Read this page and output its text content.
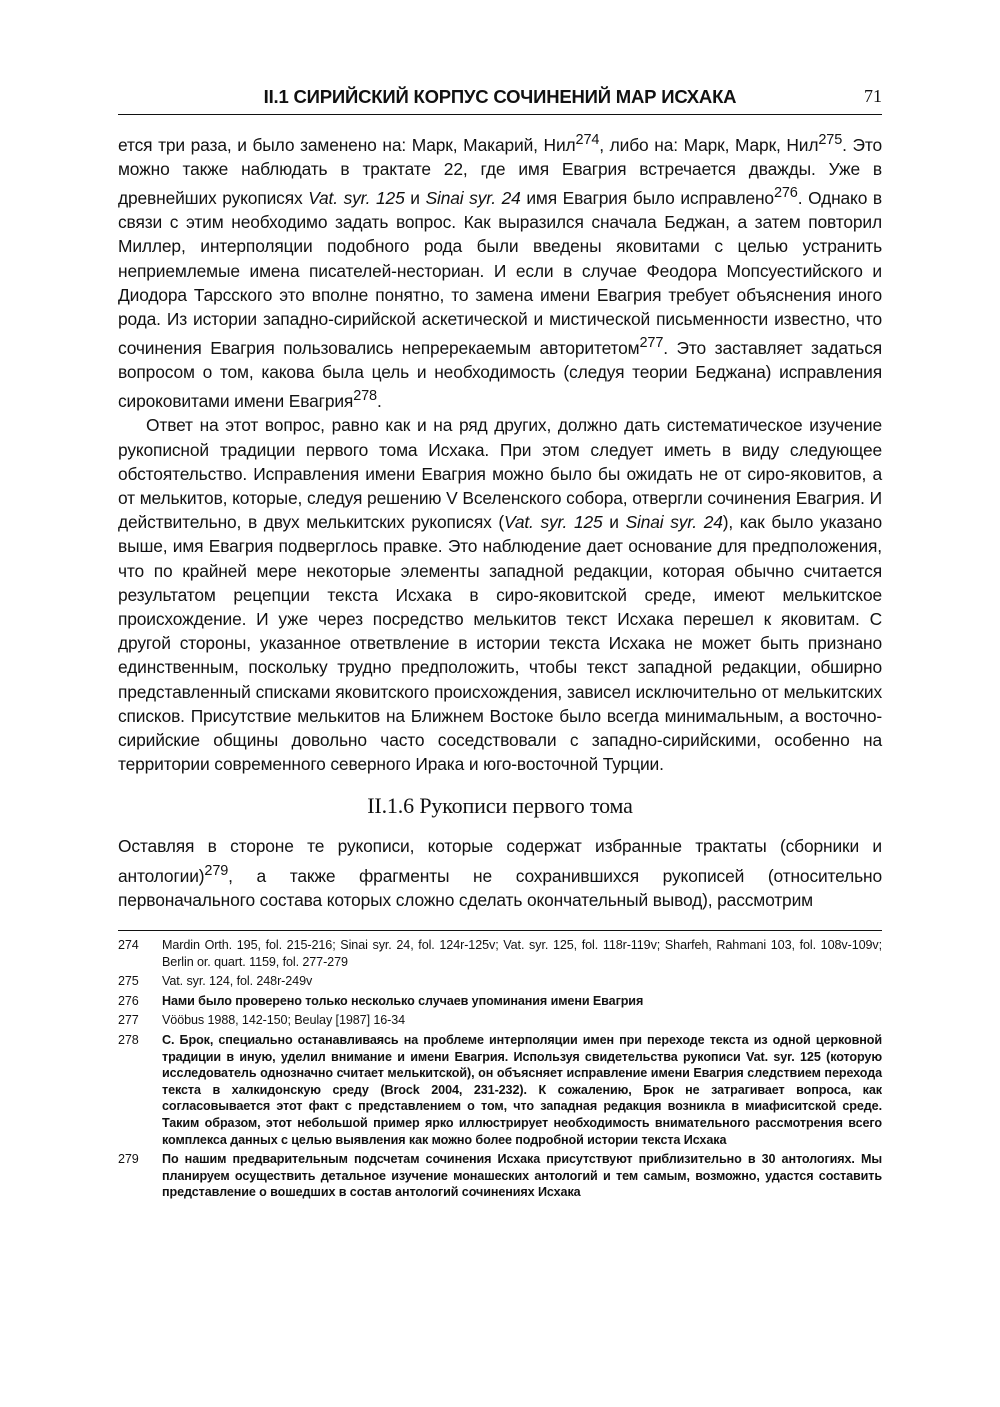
II.1 СИРИЙСКИЙ КОРПУС СОЧИНЕНИЙ МАР ИСХАКА	71

ется три раза, и было заменено на: Марк, Макарий, Нил$^{274}$, либо на: Марк, Марк, Нил$^{275}$. Это можно также наблюдать в трактате 22, где имя Евагрия встречается дважды. Уже в древнейших рукописях Vat. syr. 125 и Sinai syr. 24 имя Евагрия было исправлено$^{276}$. Однако в связи с этим необходимо задать вопрос. Как выразился сначала Беджан, а затем повторил Миллер, интерполяции подобного рода были введены яковитами с целью устранить неприемлемые имена писателей-несториан. И если в случае Феодора Мопсуестийского и Диодора Тарсского это вполне понятно, то замена имени Евагрия требует объяснения иного рода. Из истории западно-сирийской аскетической и мистической письменности известно, что сочинения Евагрия пользовались непререкаемым авторитетом$^{277}$. Это заставляет задаться вопросом о том, какова была цель и необходимость (следуя теории Беджана) исправления сироковитами имени Евагрия$^{278}$.

Ответ на этот вопрос, равно как и на ряд других, должно дать систематическое изучение рукописной традиции первого тома Исхака. При этом следует иметь в виду следующее обстоятельство. Исправления имени Евагрия можно было бы ожидать не от сиро-яковитов, а от мелькитов, которые, следуя решению V Вселенского собора, отвергли сочинения Евагрия. И действительно, в двух мелькитских рукописях (Vat. syr. 125 и Sinai syr. 24), как было указано выше, имя Евагрия подверглось правке. Это наблюдение дает основание для предположения, что по крайней мере некоторые элементы западной редакции, которая обычно считается результатом рецепции текста Исхака в сиро-яковитской среде, имеют мелькитское происхождение. И уже через посредство мелькитов текст Исхака перешел к яковитам. С другой стороны, указанное ответвление в истории текста Исхака не может быть признано единственным, поскольку трудно предположить, чтобы текст западной редакции, обширно представленный списками яковитского происхождения, зависел исключительно от мелькитских списков. Присутствие мелькитов на Ближнем Востоке было всегда минимальным, а восточно-сирийские общины довольно часто соседствовали с западно-сирийскими, особенно на территории современного северного Ирака и юго-восточной Турции.

II.1.6 Рукописи первого тома

Оставляя в стороне те рукописи, которые содержат избранные трактаты (сборники и антологии)$^{279}$, а также фрагменты не сохранившихся рукописей (относительно первоначального состава которых сложно сделать окончательный вывод), рассмотрим

274	Mardin Orth. 195, fol. 215-216; Sinai syr. 24, fol. 124r-125v; Vat. syr. 125, fol. 118r-119v; Sharfeh, Rahmani 103, fol. 108v-109v; Berlin or. quart. 1159, fol. 277-279
275	Vat. syr. 124, fol. 248r-249v
276	Нами было проверено только несколько случаев упоминания имени Евагрия
277	Vööbus 1988, 142-150; Beulay [1987] 16-34
278	С. Брок, специально останавливаясь на проблеме интерполяции имен при переходе текста из одной церковной традиции в иную, уделил внимание и имени Евагрия. Используя свидетельства рукописи Vat. syr. 125 (которую исследователь однозначно считает мелькитской), он объясняет исправление имени Евагрия следствием перехода текста в халкидонскую среду (Brock 2004, 231-232). К сожалению, Брок не затрагивает вопроса, как согласовывается этот факт с представлением о том, что западная редакция возникла в миафиситской среде. Таким образом, этот небольшой пример ярко иллюстрирует необходимость внимательного рассмотрения всего комплекса данных с целью выявления как можно более подробной истории текста Исхака
279	По нашим предварительным подсчетам сочинения Исхака присутствуют приблизительно в 30 антологиях. Мы планируем осуществить детальное изучение монашеских антологий и тем самым, возможно, удастся составить представление о вошедших в состав антологий сочинениях Исхака
